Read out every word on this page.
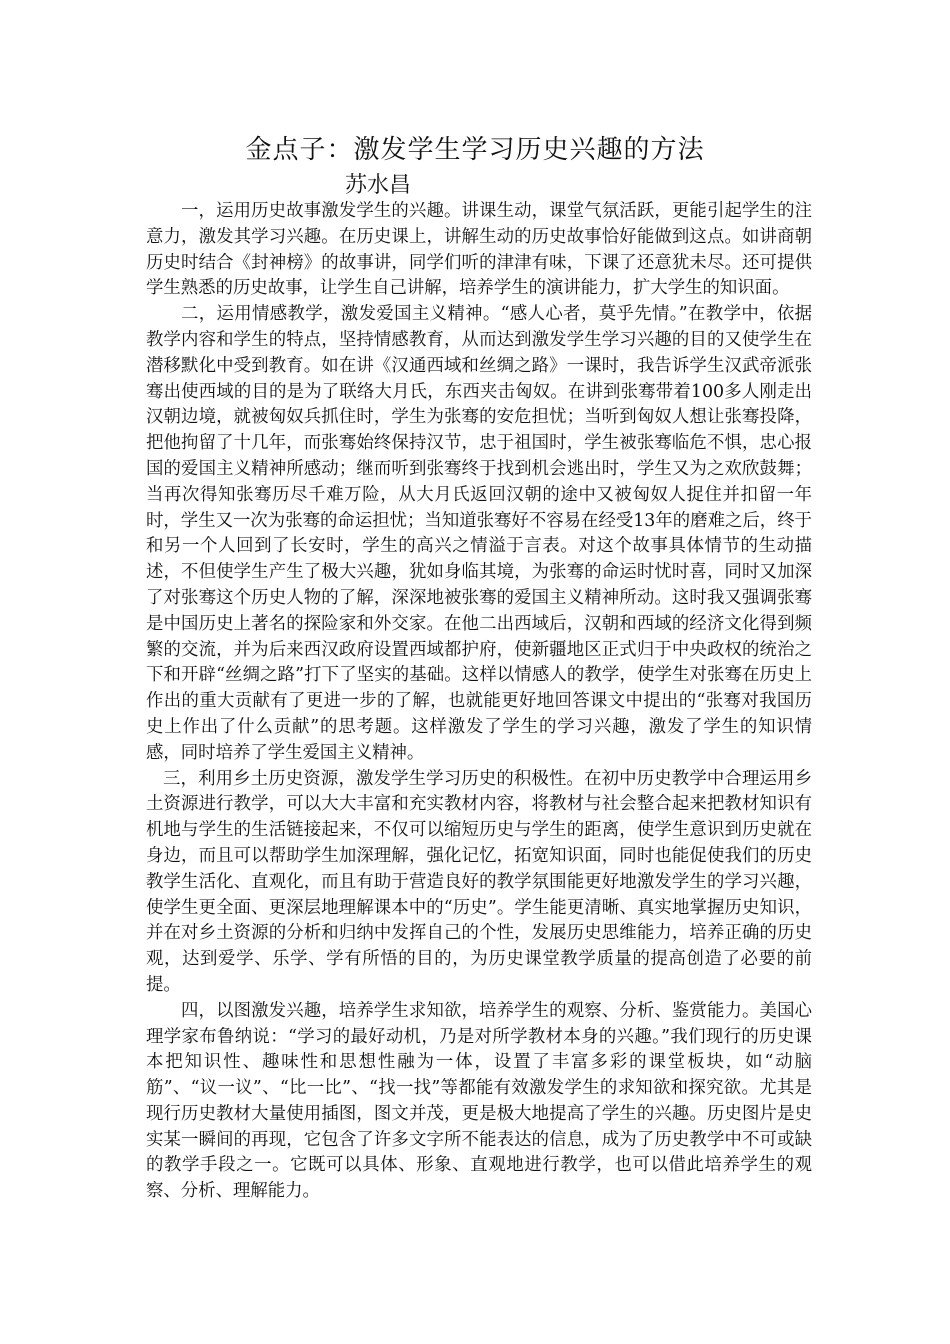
金点子：激发学生学习历史兴趣的方法
苏水昌

一，运用历史故事激发学生的兴趣。讲课生动，课堂气氛活跃，更能引起学生的注意力，激发其学习兴趣。在历史课上，讲解生动的历史故事恰好能做到这点。如讲商朝历史时结合《封神榜》的故事讲，同学们听的津津有味，下课了还意犹未尽。还可提供学生熟悉的历史故事，让学生自己讲解，培养学生的演讲能力，扩大学生的知识面。

二，运用情感教学，激发爱国主义精神。“感人心者，莫乎先情。”在教学中，依据教学内容和学生的特点，坚持情感教育，从而达到激发学生学习兴趣的目的又使学生在潜移默化中受到教育。如在讲《汉通西域和丝绸之路》一课时，我告诉学生汉武帝派张骞出使西域的目的是为了联络大月氏，东西夹击匈奴。在讲到张骞带着100多人刚走出汉朝边境，就被匈奴兵抓住时，学生为张骞的安危担忧；当听到匈奴人想让张骞投降，把他拘留了十几年，而张骞始终保持汉节，忠于祖国时，学生被张骞临危不惧，忠心报国的爱国主义精神所感动；继而听到张骞终于找到机会逃出时，学生又为之欢欣鼓舞；当再次得知张骞历尽千难万险，从大月氏返回汉朝的途中又被匈奴人捉住并扣留一年时，学生又一次为张骞的命运担忧；当知道张骞好不容易在经受13年的磨难之后，终于和另一个人回到了长安时，学生的高兴之情溢于言表。对这个故事具体情节的生动描述，不但使学生产生了极大兴趣，犹如身临其境，为张骞的命运时忧时喜，同时又加深了对张骞这个历史人物的了解，深深地被张骞的爱国主义精神所动。这时我又强调张骞是中国历史上著名的探险家和外交家。在他二出西域后，汉朝和西域的经济文化得到频繁的交流，并为后来西汉政府设置西域都护府，使新疆地区正式归于中央政权的统治之下和开辟“丝绸之路”打下了坚实的基础。这样以情感人的教学，使学生对张骞在历史上作出的重大贡献有了更进一步的了解，也就能更好地回答课文中提出的“张骞对我国历史上作出了什么贡献”的思考题。这样激发了学生的学习兴趣，激发了学生的知识情感，同时培养了学生爱国主义精神。

三，利用乡土历史资源，激发学生学习历史的积极性。在初中历史教学中合理运用乡土资源进行教学，可以大大丰富和充实教材内容，将教材与社会整合起来把教材知识有机地与学生的生活链接起来，不仅可以缩短历史与学生的距离，使学生意识到历史就在身边，而且可以帮助学生加深理解，强化记忆，拓宽知识面，同时也能促使我们的历史教学生活化、直观化，而且有助于营造良好的教学氛围能更好地激发学生的学习兴趣，使学生更全面、更深层地理解课本中的“历史”。学生能更清晰、真实地掌握历史知识，并在对乡土资源的分析和归纳中发挥自己的个性，发展历史思维能力，培养正确的历史观，达到爱学、乐学、学有所悟的目的，为历史课堂教学质量的提高创造了必要的前提。

四，以图激发兴趣，培养学生求知欲，培养学生的观察、分析、鉴赏能力。美国心理学家布鲁纳说：“学习的最好动机，乃是对所学教材本身的兴趣。”我们现行的历史课本把知识性、趣味性和思想性融为一体，设置了丰富多彩的课堂板块，如“动脑筋”、“议一议”、“比一比”、“找一找”等都能有效激发学生的求知欲和探究欲。尤其是现行历史教材大量使用插图，图文并茂，更是极大地提高了学生的兴趣。历史图片是史实某一瞬间的再现，它包含了许多文字所不能表达的信息，成为了历史教学中不可或缺的教学手段之一。它既可以具体、形象、直观地进行教学，也可以借此培养学生的观察、分析、理解能力。
